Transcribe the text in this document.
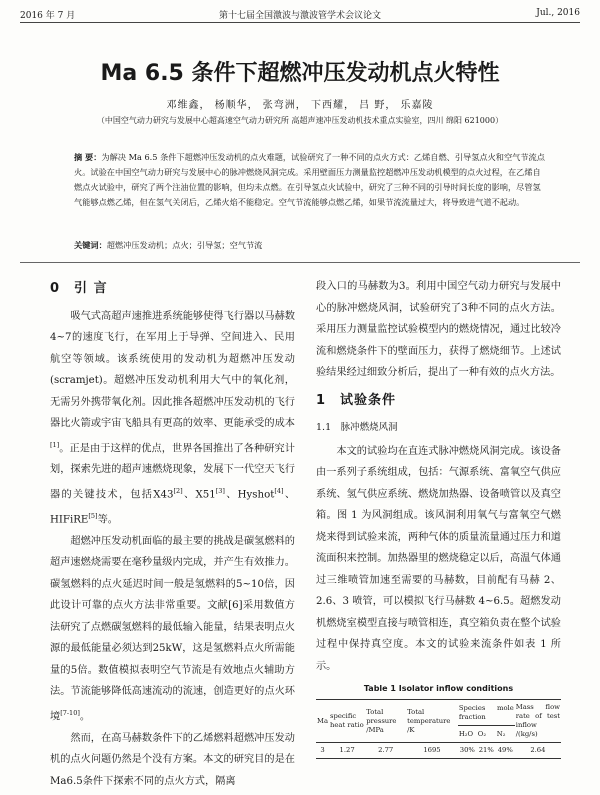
2016 年 7 月	第十七届全国激波与激波管学术会议论文	Jul., 2016
Ma 6.5 条件下超燃冲压发动机点火特性
邓维鑫， 杨顺华， 张弯洲， 下西耀， 吕 野， 乐嘉陵
（中国空气动力研究与发展中心超高速空气动力研究所 高超声速冲压发动机技术重点实验室，四川 绵阳 621000）
摘 要：为解决 Ma 6.5 条件下超燃冲压发动机的点火难题，试验研究了一种不同的点火方式：乙烯自燃、引导氢点火和空气节流点火。试验在中国空气动力研究与发展中心的脉冲燃烧风洞完成。采用壁面压力测量监控超燃冲压发动机模型的点火过程，在乙烯自燃点火试验中，研究了两个注油位置的影响，但均未点燃。在引导氢点火试验中，研究了三种不同的引导时间长度的影响，尽管氢气能够点燃乙烯，但在氢气关闭后，乙烯火焰不能稳定。空气节流能够点燃乙烯，如果节流流量过大，将导致进气道不起动。
关键词：超燃冲压发动机；点火；引导氢；空气节流
0　引 言

吸气式高超声速推进系统能够使得飞行器以马赫数4~7的速度飞行，在军用上于导弹、空间进入、民用航空等领域。该系统使用的发动机为超燃冲压发动(scramjet)。超燃冲压发动机利用大气中的氧化剂，无需另外携带氧化剂。因此推各超燃冲压发动机的飞行器比火箭或宇宙飞船具有更高的效率、更能承受的成本[1]。正是由于这样的优点，世界各国推出了各种研究计划，探索先进的超声速燃烧现象，发展下一代空天飞行器的关键技术，包括X43[2]、X51[3]、Hyshot[4]、HIFiRE[5]等。

超燃冲压发动机面临的最主要的挑战是碳氢燃料的超声速燃烧需要在毫秒量级内完成，并产生有效推力。碳氢燃料的点火延迟时间一般是氢燃料的5~10倍，因此设计可靠的点火方法非常重要。文献[6]采用数值方法研究了点燃碳氢燃料的最低输入能量，结果表明点火源的最低能量必须达到25kW，这是氢燃料点火所需能量的5倍。数值模拟表明空气节流是有效地点火辅助方法。节流能够降低高速流动的流速，创造更好的点火环境[7-10]。

然而，在高马赫数条件下的乙烯燃料超燃冲压发动机的点火问题仍然是个没有方案。本文的研究目的是在Ma6.5条件下探索不同的点火方式，隔离

段入口的马赫数为3。利用中国空气动力研究与发展中心的脉冲燃烧风洞，试验研究了3种不同的点火方法。采用压力测量监控试验模型内的燃烧情况，通过比较冷流和燃烧条件下的壁面压力，获得了燃烧细节。上述试验结果经过细致分析后，提出了一种有效的点火方法。
1　试验条件
1.1　脉冲燃烧风洞

本文的试验均在直连式脉冲燃烧风洞完成。该设备由一系列子系统组成，包括：气源系统、富氧空气供应系统、氢气供应系统、燃烧加热器、设备喷管以及真空箱。图 1 为风洞组成。该风洞利用氧气与富氧空气燃烧来得到试验来流，两种气体的质量流量通过压力和道流面积来控制。加热器里的燃烧稳定以后，高温气体通过三维喷管加速至需要的马赫数，目前配有马赫 2、2.6、3 喷管，可以模拟飞行马赫数 4~6.5。超燃发动机燃烧室模型直接与喷管相连，真空箱负责在整个试验过程中保持真空度。本文的试验来流条件如表 1 所示。

Table 1 Isolator inflow conditions
Ma	specific heat ratio	Total pressure /MPa	Total temperature /K	Species mole fraction			Mass flow rate of test inflow /(kg/s)
				H₂O	O₂	N₂	
3	1.27	2.77	1695	30%	21%	49%	2.64
